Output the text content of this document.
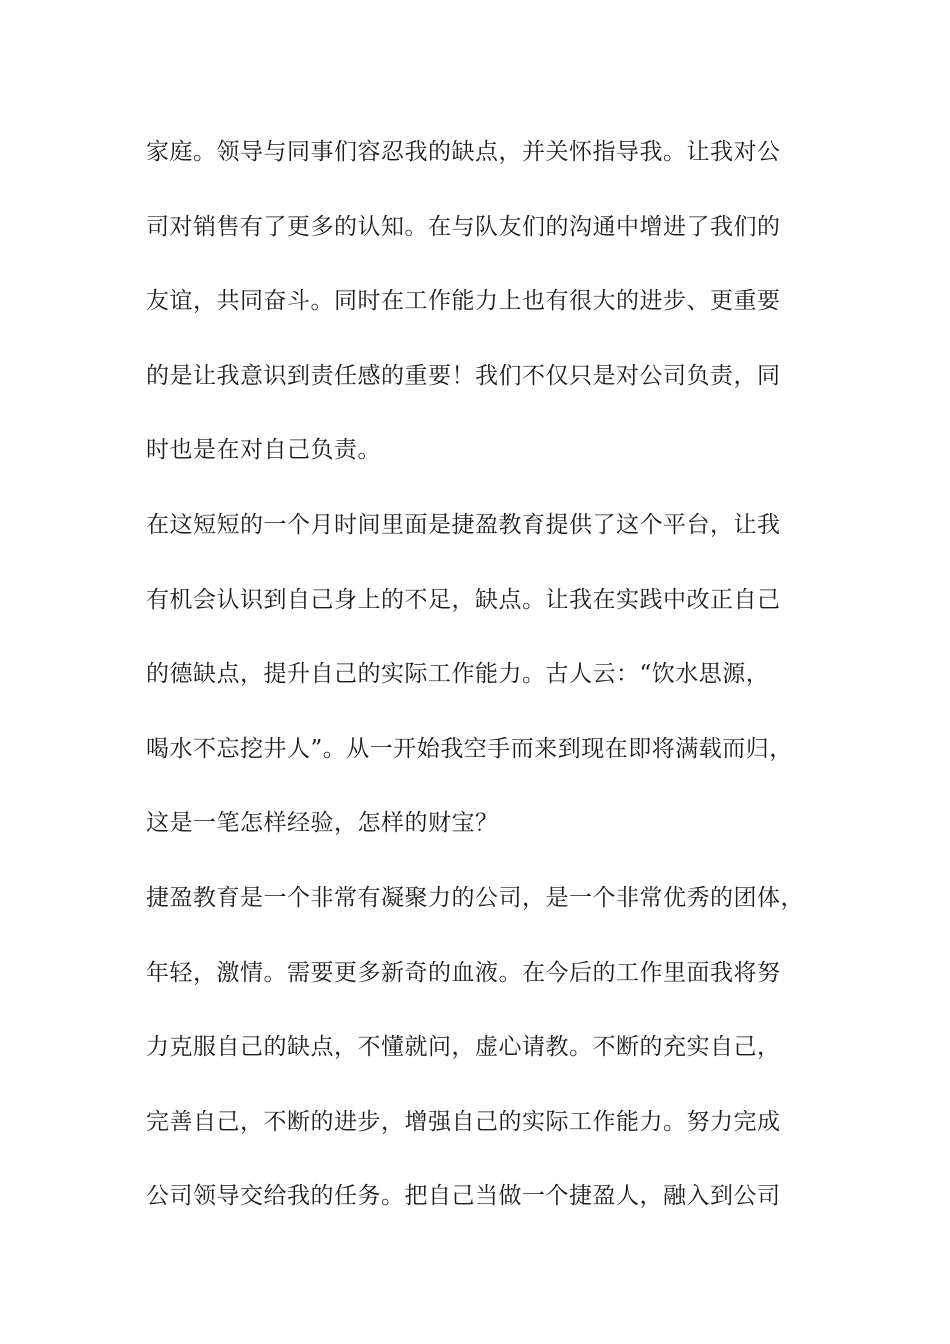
家庭。领导与同事们容忍我的缺点，并关怀指导我。让我对公
司对销售有了更多的认知。在与队友们的沟通中增进了我们的
友谊，共同奋斗。同时在工作能力上也有很大的进步、更重要
的是让我意识到责任感的重要！我们不仅只是对公司负责，同
时也是在对自己负责。
在这短短的一个月时间里面是捷盈教育提供了这个平台，让我
有机会认识到自己身上的不足，缺点。让我在实践中改正自己
的德缺点，提升自己的实际工作能力。古人云：“饮水思源，
喝水不忘挖井人”。从一开始我空手而来到现在即将满载而归，
这是一笔怎样经验，怎样的财宝？
捷盈教育是一个非常有凝聚力的公司，是一个非常优秀的团体，
年轻，激情。需要更多新奇的血液。在今后的工作里面我将努
力克服自己的缺点，不懂就问，虚心请教。不断的充实自己，
完善自己，不断的进步，增强自己的实际工作能力。努力完成
公司领导交给我的任务。把自己当做一个捷盈人，融入到公司
